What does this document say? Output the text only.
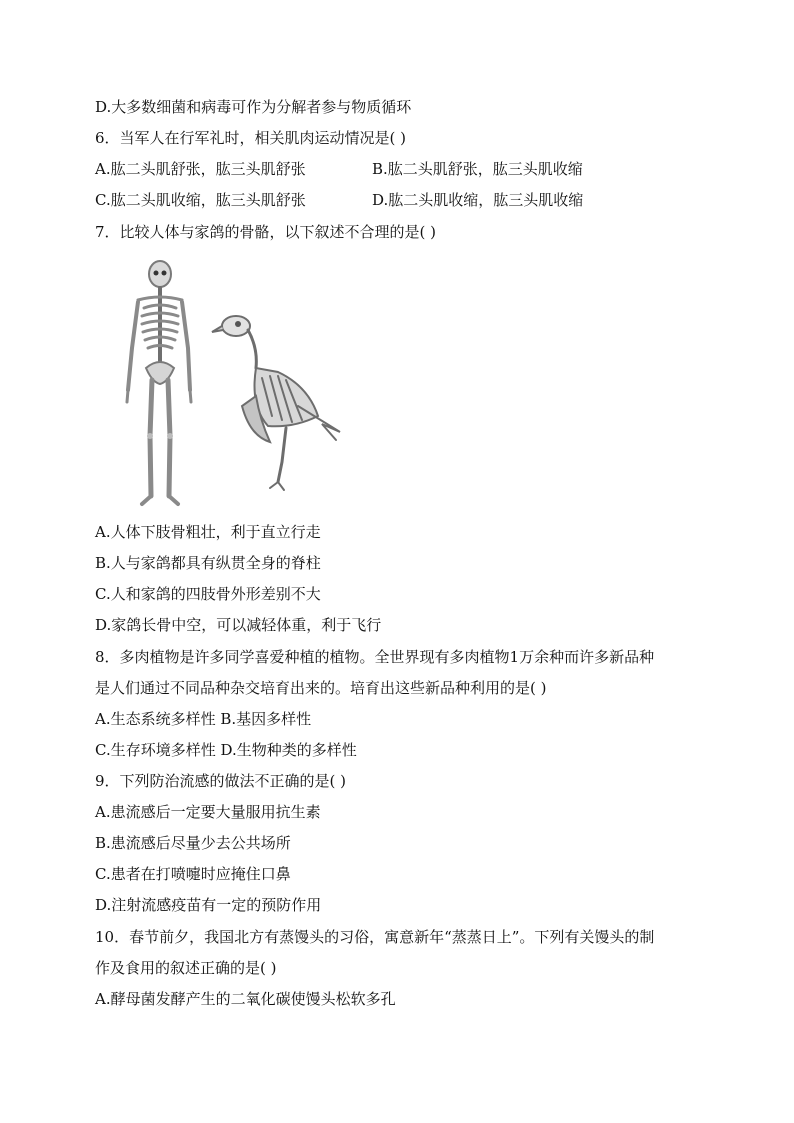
D.大多数细菌和病毒可作为分解者参与物质循环
6．当军人在行军礼时，相关肌肉运动情况是( )
A.肱二头肌舒张，肱三头肌舒张	B.肱二头肌舒张，肱三头肌收缩
C.肱二头肌收缩，肱三头肌舒张	D.肱二头肌收缩，肱三头肌收缩
7．比较人体与家鸽的骨骼，以下叙述不合理的是( )
A.人体下肢骨粗壮，利于直立行走
B.人与家鸽都具有纵贯全身的脊柱
C.人和家鸽的四肢骨外形差别不大
D.家鸽长骨中空，可以减轻体重，利于飞行
8．多肉植物是许多同学喜爱种植的植物。全世界现有多肉植物1万余种而许多新品种
是人们通过不同品种杂交培育出来的。培育出这些新品种利用的是( )
A.生态系统多样性 B.基因多样性
C.生存环境多样性 D.生物种类的多样性
9．下列防治流感的做法不正确的是( )
A.患流感后一定要大量服用抗生素
B.患流感后尽量少去公共场所
C.患者在打喷嚏时应掩住口鼻
D.注射流感疫苗有一定的预防作用
10．春节前夕，我国北方有蒸馒头的习俗，寓意新年“蒸蒸日上”。下列有关馒头的制
作及食用的叙述正确的是( )
A.酵母菌发酵产生的二氧化碳使馒头松软多孔
